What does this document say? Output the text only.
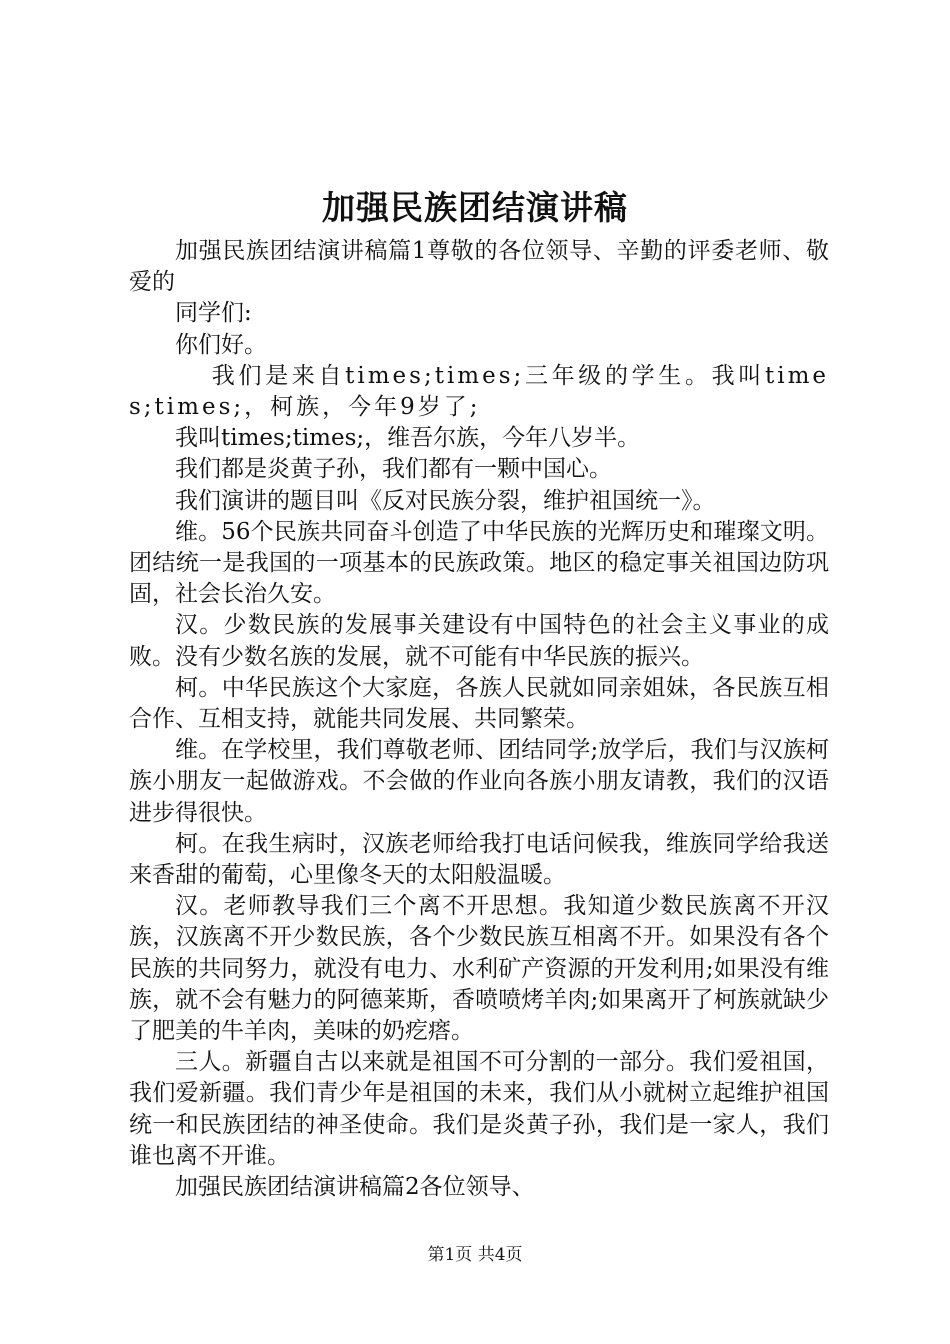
加强民族团结演讲稿

加强民族团结演讲稿篇1尊敬的各位领导、辛勤的评委老师、敬爱的

同学们:

你们好。

我们是来自times;times;三年级的学生。我叫times;times;，柯族，今年9岁了;

我叫times;times;，维吾尔族，今年八岁半。

我们都是炎黄子孙，我们都有一颗中国心。

我们演讲的题目叫《反对民族分裂，维护祖国统一》。

维。56个民族共同奋斗创造了中华民族的光辉历史和璀璨文明。团结统一是我国的一项基本的民族政策。地区的稳定事关祖国边防巩固，社会长治久安。

汉。少数民族的发展事关建设有中国特色的社会主义事业的成败。没有少数名族的发展，就不可能有中华民族的振兴。

柯。中华民族这个大家庭，各族人民就如同亲姐妹，各民族互相合作、互相支持，就能共同发展、共同繁荣。

维。在学校里，我们尊敬老师、团结同学;放学后，我们与汉族柯族小朋友一起做游戏。不会做的作业向各族小朋友请教，我们的汉语进步得很快。

柯。在我生病时，汉族老师给我打电话问候我，维族同学给我送来香甜的葡萄，心里像冬天的太阳般温暖。

汉。老师教导我们三个离不开思想。我知道少数民族离不开汉族，汉族离不开少数民族，各个少数民族互相离不开。如果没有各个民族的共同努力，就没有电力、水利矿产资源的开发利用;如果没有维族，就不会有魅力的阿德莱斯，香喷喷烤羊肉;如果离开了柯族就缺少了肥美的牛羊肉，美味的奶疙瘩。

三人。新疆自古以来就是祖国不可分割的一部分。我们爱祖国，我们爱新疆。我们青少年是祖国的未来，我们从小就树立起维护祖国统一和民族团结的神圣使命。我们是炎黄子孙，我们是一家人，我们谁也离不开谁。

加强民族团结演讲稿篇2各位领导、

第1页 共4页
